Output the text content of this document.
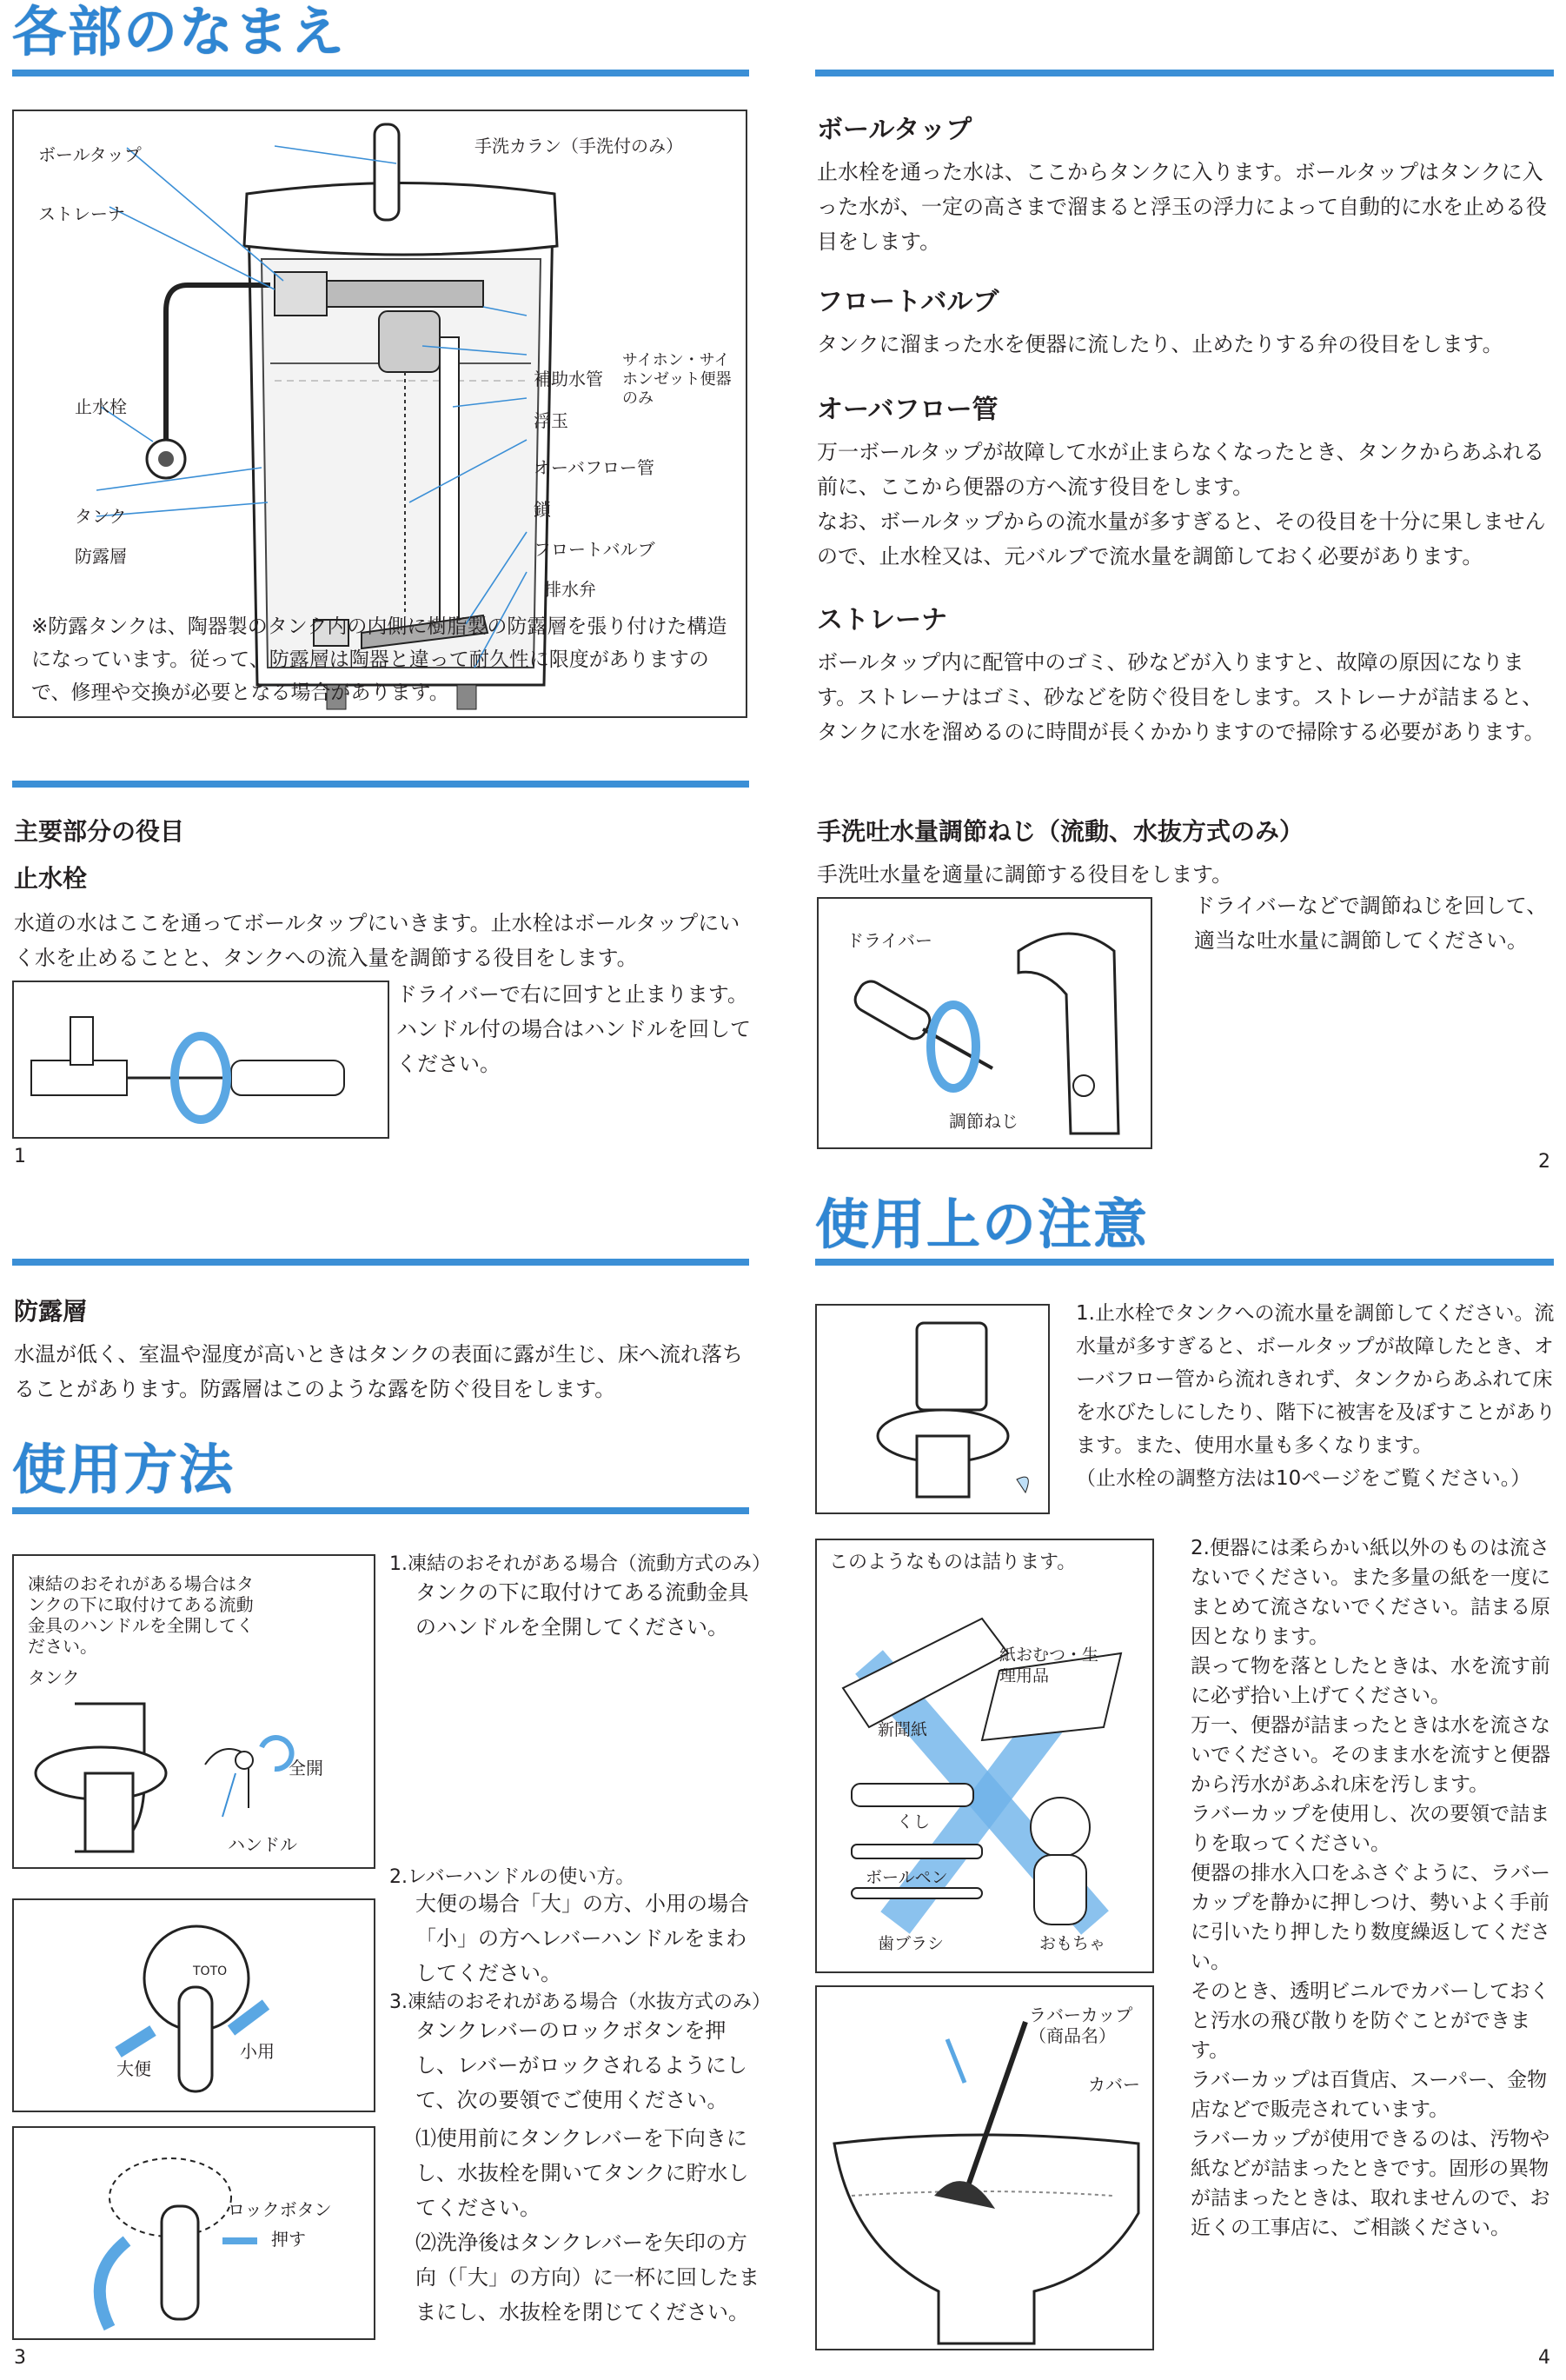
各部のなまえ
ボールタップ	手洗カラン（手洗付のみ）
ストレーナ
止水栓
補助水管
サイホン・サイホンゼット便器のみ
浮玉
オーバフロー管
鎖
タンク
防露層	フロートバルブ
排水弁
※防露タンクは、陶器製のタンク内の内側に樹脂製の防露層を張り付けた構造になっています。従って、防露層は陶器と違って耐久性に限度がありますので、修理や交換が必要となる場合があります。
主要部分の役目
止水栓
水道の水はここを通ってボールタップにいきます。止水栓はボールタップにいく水を止めることと、タンクへの流入量を調節する役目をします。
ドライバーで右に回すと止まります。ハンドル付の場合はハンドルを回してください。
1
ボールタップ
止水栓を通った水は、ここからタンクに入ります。ボールタップはタンクに入った水が、一定の高さまで溜まると浮玉の浮力によって自動的に水を止める役目をします。
フロートバルブ
タンクに溜まった水を便器に流したり、止めたりする弁の役目をします。
オーバフロー管
万一ボールタップが故障して水が止まらなくなったとき、タンクからあふれる前に、ここから便器の方へ流す役目をします。
なお、ボールタップからの流水量が多すぎると、その役目を十分に果しませんので、止水栓又は、元バルブで流水量を調節しておく必要があります。
ストレーナ
ボールタップ内に配管中のゴミ、砂などが入りますと、故障の原因になります。ストレーナはゴミ、砂などを防ぐ役目をします。ストレーナが詰まると、タンクに水を溜めるのに時間が長くかかりますので掃除する必要があります。
手洗吐水量調節ねじ（流動、水抜方式のみ）
手洗吐水量を適量に調節する役目をします。
ドライバー
調節ねじ
ドライバーなどで調節ねじを回して、適当な吐水量に調節してください。
2
防露層
水温が低く、室温や湿度が高いときはタンクの表面に露が生じ、床へ流れ落ちることがあります。防露層はこのような露を防ぐ役目をします。
使用方法
凍結のおそれがある場合はタンクの下に取付けてある流動金具のハンドルを全開してください。
タンク
全開
ハンドル
TOTO
大便
小用
ロックボタン
押す
1.凍結のおそれがある場合（流動方式のみ）
タンクの下に取付けてある流動金具のハンドルを全開してください。
2.レバーハンドルの使い方。
大便の場合「大」の方、小用の場合「小」の方へレバーハンドルをまわしてください。
3.凍結のおそれがある場合（水抜方式のみ）
タンクレバーのロックボタンを押し、レバーがロックされるようにして、次の要領でご使用ください。
⑴使用前にタンクレバーを下向きにし、水抜栓を開いてタンクに貯水してください。
⑵洗浄後はタンクレバーを矢印の方向（「大」の方向）に一杯に回したままにし、水抜栓を閉じてください。
3
使用上の注意
1.止水栓でタンクへの流水量を調節してください。流水量が多すぎると、ボールタップが故障したとき、オーバフロー管から流れきれず、タンクからあふれて床を水びたしにしたり、階下に被害を及ぼすことがあります。また、使用水量も多くなります。
（止水栓の調整方法は10ページをご覧ください。）
このようなものは詰ります。
紙おむつ・生理用品
新聞紙
くし
ボールペン
歯ブラシ	おもちゃ
ラバーカップ（商品名）
カバー
2.便器には柔らかい紙以外のものは流さないでください。また多量の紙を一度にまとめて流さないでください。詰まる原因となります。
誤って物を落としたときは、水を流す前に必ず拾い上げてください。
万一、便器が詰まったときは水を流さないでください。そのまま水を流すと便器から汚水があふれ床を汚します。
ラバーカップを使用し、次の要領で詰まりを取ってください。
便器の排水入口をふさぐように、ラバーカップを静かに押しつけ、勢いよく手前に引いたり押したり数度繰返してください。
そのとき、透明ビニルでカバーしておくと汚水の飛び散りを防ぐことができます。
ラバーカップは百貨店、スーパー、金物店などで販売されています。
ラバーカップが使用できるのは、汚物や紙などが詰まったときです。固形の異物が詰まったときは、取れませんので、お近くの工事店に、ご相談ください。
4
